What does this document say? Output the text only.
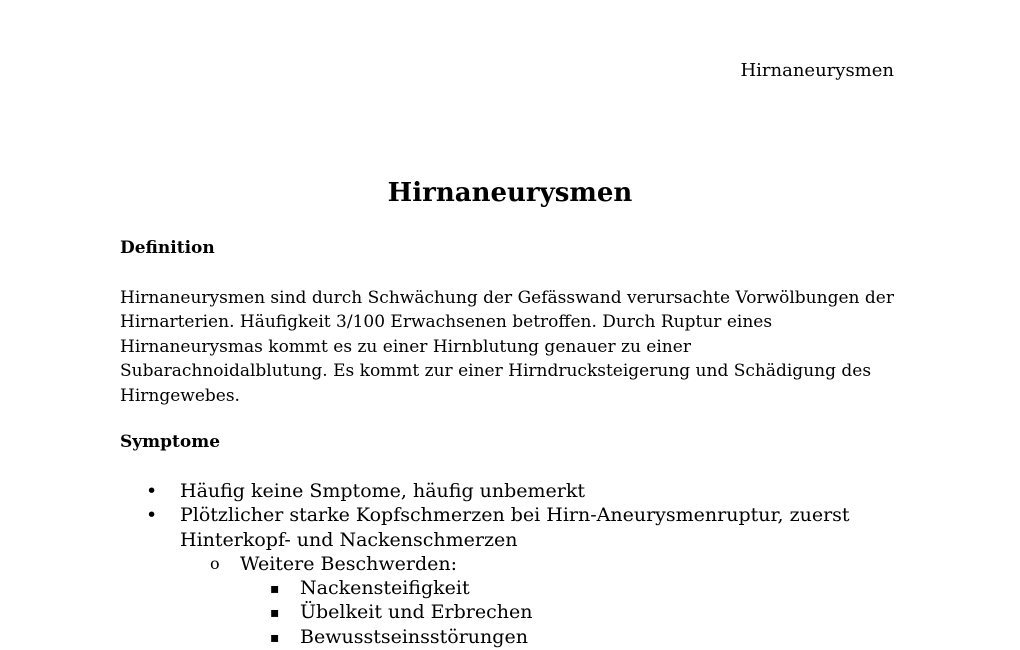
Hirnaneurysmen
Hirnaneurysmen
Definition

Hirnaneurysmen sind durch Schwächung der Gefässwand verursachte Vorwölbungen der Hirnarterien. Häufigkeit 3/100 Erwachsenen betroffen. Durch Ruptur eines Hirnaneurysmas kommt es zu einer Hirnblutung genauer zu einer Subarachnoidalblutung. Es kommt zur einer Hirndrucksteigerung und Schädigung des Hirngewebes.

Symptome
• Häufig keine Smptome, häufig unbemerkt
• Plötzlicher starke Kopfschmerzen bei Hirn-Aneurysmenruptur, zuerst Hinterkopf- und Nackenschmerzen
o Weitere Beschwerden:
▪ Nackensteifigkeit
▪ Übelkeit und Erbrechen
▪ Bewusstseinsstörungen
